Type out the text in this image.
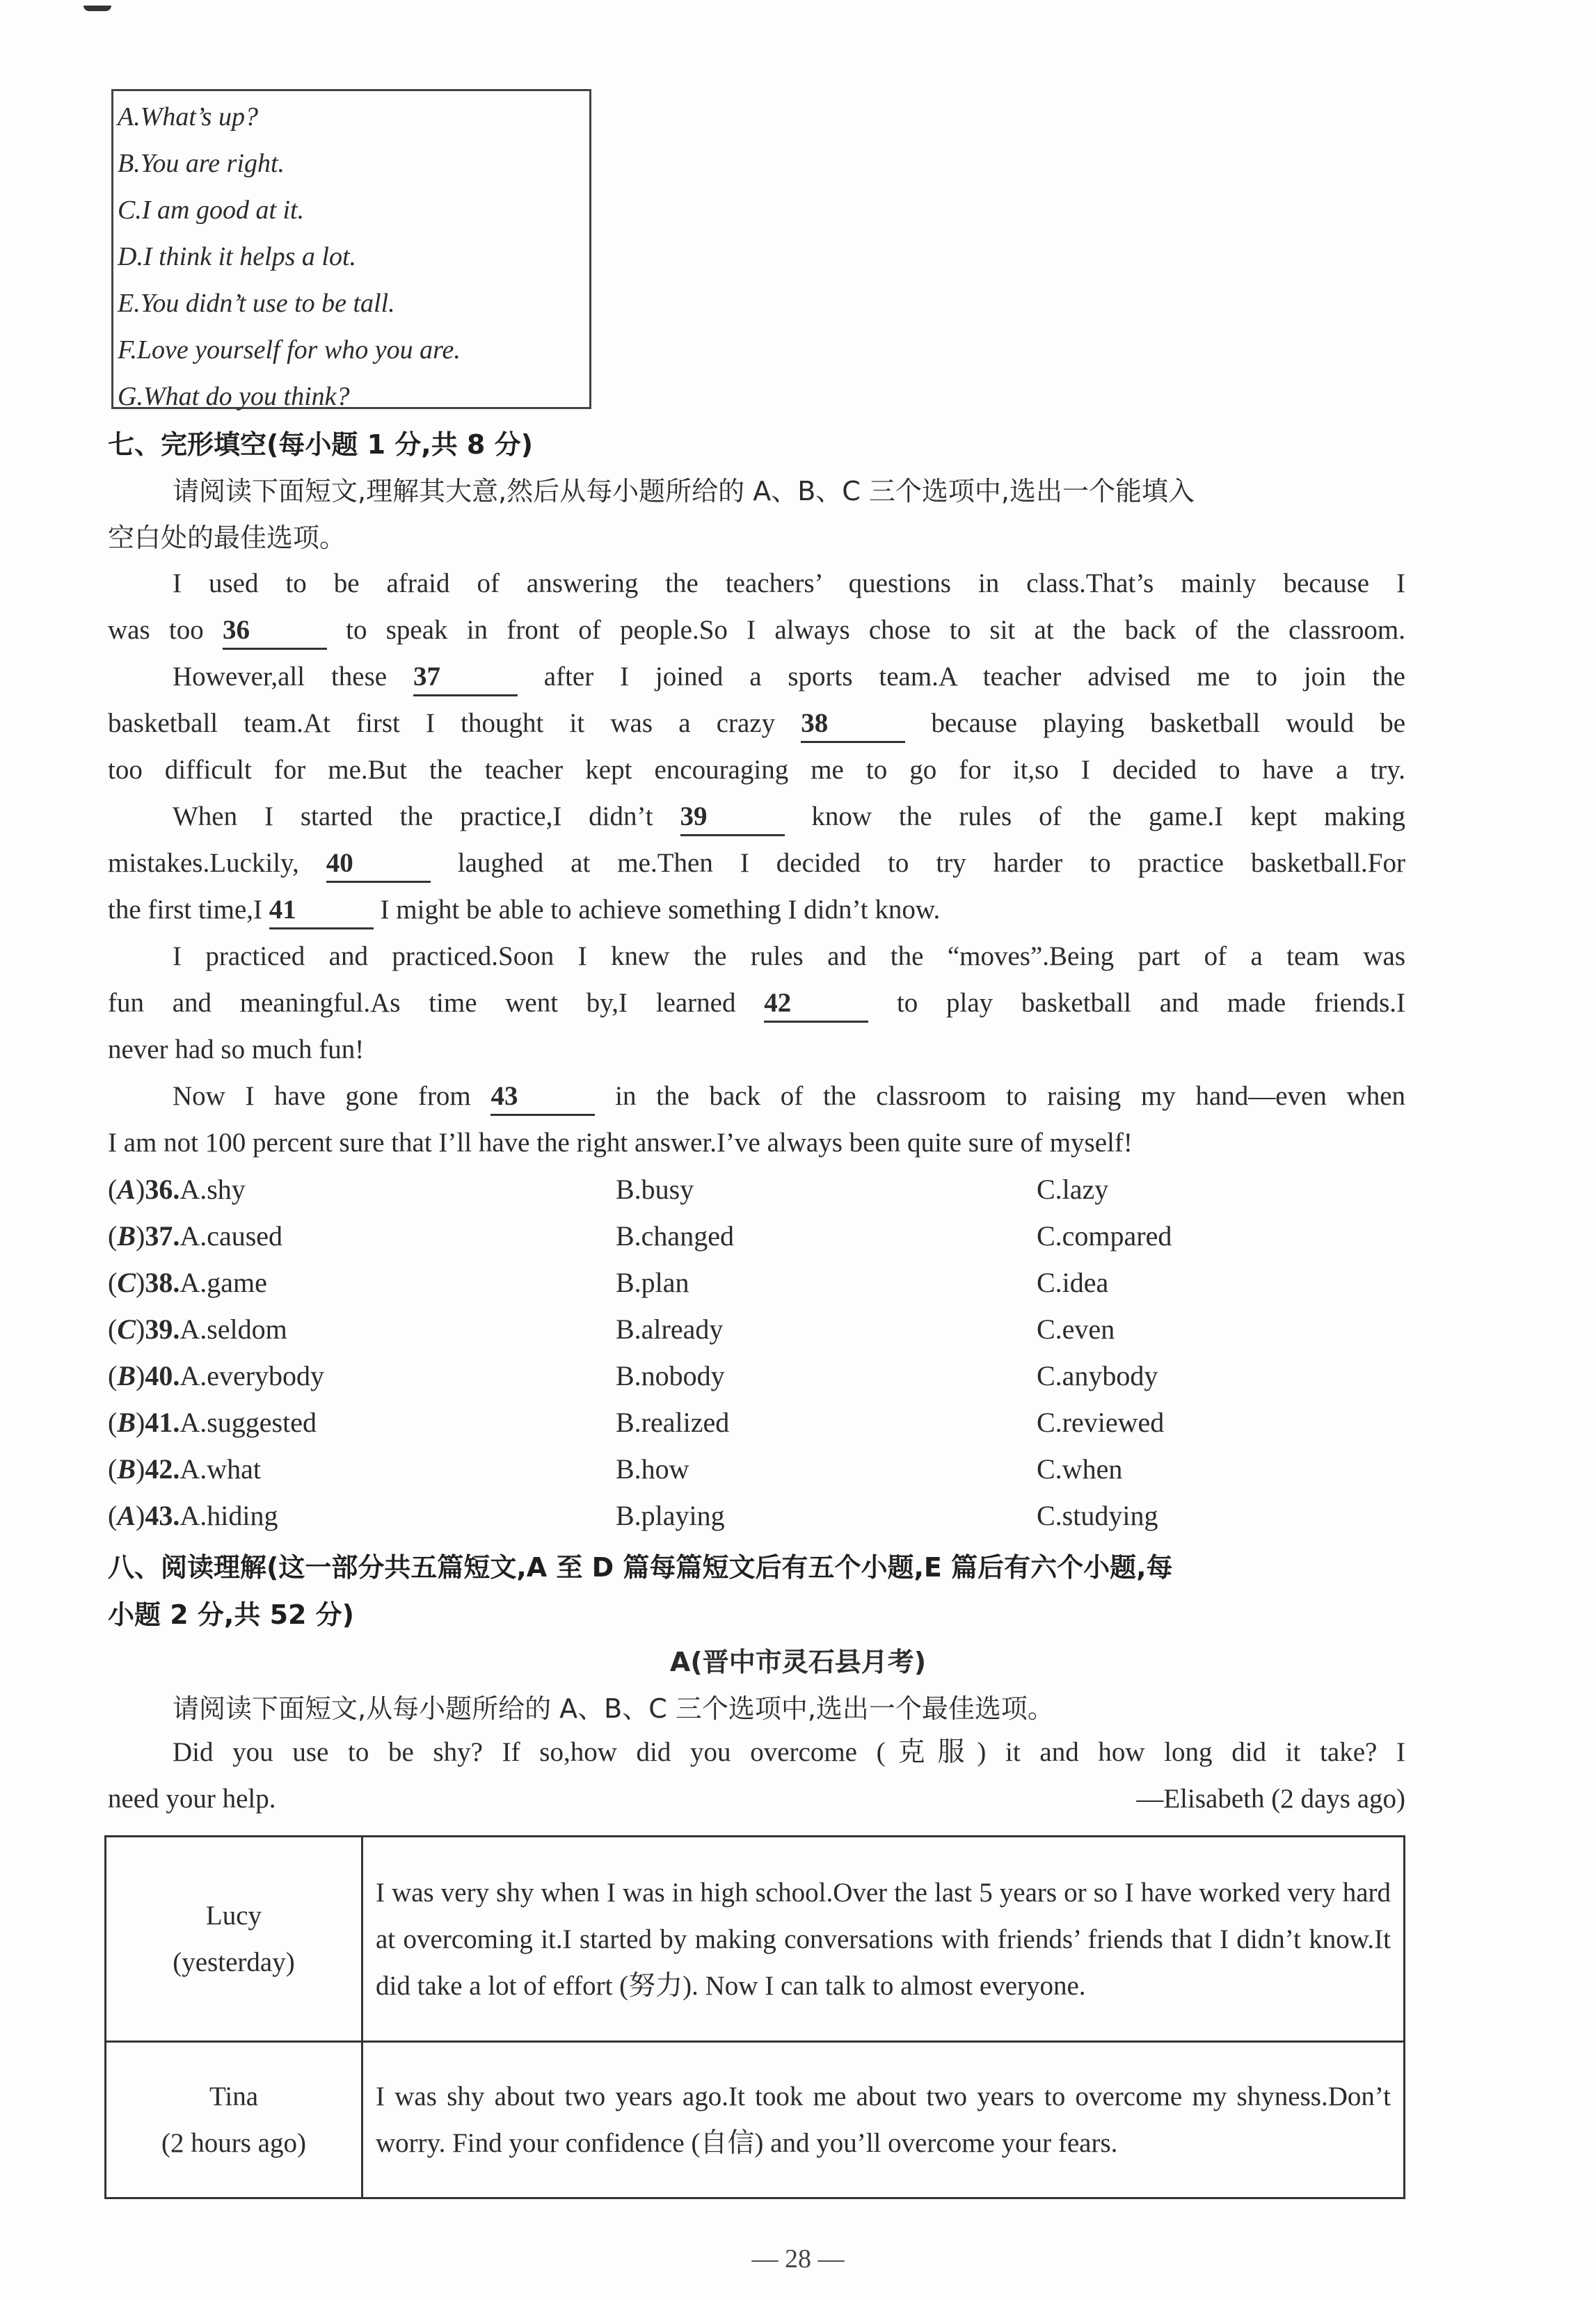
A.What’s up?
B.You are right.
C.I am good at it.
D.I think it helps a lot.
E.You didn’t use to be tall.
F.Love yourself for who you are.
G.What do you think?
七、完形填空(每小题 1 分,共 8 分)
请阅读下面短文,理解其大意,然后从每小题所给的 A、B、C 三个选项中,选出一个能填入
空白处的最佳选项。
I used to be afraid of answering the teachers’ questions in class.That’s mainly because I
was too 36	to speak in front of people.So I always chose to sit at the back of the classroom.
However,all these 37	after I joined a sports team.A teacher advised me to join the
basketball team.At first I thought it was a crazy 38	because playing basketball would be
too difficult for me.But the teacher kept encouraging me to go for it,so I decided to have a try.
When I started the practice,I didn’t 39	know the rules of the game.I kept making
mistakes.Luckily, 40	laughed at me.Then I decided to try harder to practice basketball.For
the first time,I 41	I might be able to achieve something I didn’t know.
I practiced and practiced.Soon I knew the rules and the “moves”.Being part of a team was
fun and meaningful.As time went by,I learned 42	to play basketball and made friends.I
never had so much fun!
Now I have gone from 43	in the back of the classroom to raising my hand—even when
I am not 100 percent sure that I’ll have the right answer.I’ve always been quite sure of myself!
(A)36.A.shy	B.busy	C.lazy
(B)37.A.caused	B.changed	C.compared
(C)38.A.game	B.plan	C.idea
(C)39.A.seldom	B.already	C.even
(B)40.A.everybody	B.nobody	C.anybody
(B)41.A.suggested	B.realized	C.reviewed
(B)42.A.what	B.how	C.when
(A)43.A.hiding	B.playing	C.studying
八、阅读理解(这一部分共五篇短文,A 至 D 篇每篇短文后有五个小题,E 篇后有六个小题,每
小题 2 分,共 52 分)
A(晋中市灵石县月考)
请阅读下面短文,从每小题所给的 A、B、C 三个选项中,选出一个最佳选项。
Did you use to be shy? If so,how did you overcome (克服) it and how long did it take? I
need your help.	—Elisabeth (2 days ago)
Lucy
(yesterday)	I was very shy when I was in high school.Over the last 5 years or so I have worked very hard at overcoming it.I started by making conversations with friends’ friends that I didn’t know.It did take a lot of effort (努力). Now I can talk to almost everyone.

Tina
(2 hours ago)	I was shy about two years ago.It took me about two years to overcome my shyness.Don’t worry. Find your confidence (自信) and you’ll overcome your fears.
— 28 —
